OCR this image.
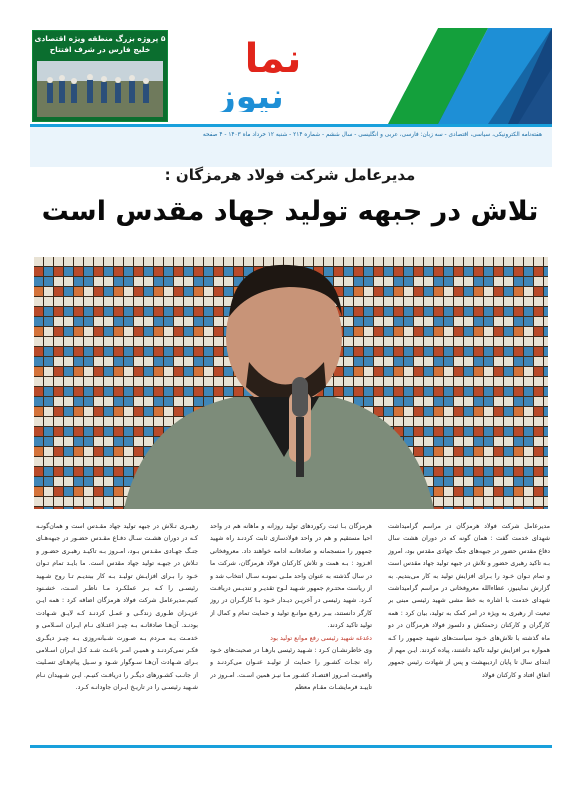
۵ پروژه بزرگ منطقه ویژه اقتصادی خلیج فارس در شرف افتتاح	نما
نیوز
هفته‌نامه الکترونیکی، سیاسی، اقتصادی - سه زبان: فارسی، عربی و انگلیسی - سال ششم - شماره ۲۱۴ - شنبه ۱۲ خرداد ماه ۱۴۰۳ - ۴ صفحه
مدیرعامل شرکت فولاد هرمزگان :
تلاش در جبهه تولید جهاد مقدس است

مدیرعامل شرکت فولاد هرمزگان در مراسم گرامیداشت شهدای خدمت گفت : همان گونه که در دوران هشت سال دفاع مقدس حضور در جبهه‌های جنگ جهادی مقدس بود، امروز بـه تاکید رهبری حضور و تلاش در جبهه تولید جهاد مقدس است و تمام تـوان خـود را بـرای افزایش تولید به کار می‌بندیم. به گزارش نماینیوز، عطاءالله معروفخانی در مراسم گرامیداشت شهدای خدمت با اشاره به خط مشی شهید رئیسی مبنی بر تبعیت از رهبری به ویژه در امر کمک به تولید، بیان کرد : همه کارگران و کارکنان زحمتکش و دلسوز فولاد هرمزگان در دو ماه گذشته با تلاش‌های خـود سیاست‌های شهید جمهور را کـه همواره بـر افزایش تولید تاکید داشتند، پیاده کردند. ایـن مهم از ابتدای سال تا پایان اردیبهشت و پس از شهادت رئیس جمهور اتفاق افتاد و کارکنان فولاد

هرمزگان بـا ثبت رکوردهای تولید روزانه و ماهانه هم در واحد احیا مستقیم و هم در واحد فولادسازی ثابت کردنـد راه شهید جمهور را منسجمانه و صادقانـه ادامه خواهند داد. معروفخانی افـزود : بـه همت و تلاش کارکنان فولاد هرمزگان، شرکت ما در سال گذشته به عنوان واحد ملـی نمونـه سـال انتخاب شد و از ریاست محتـرم جمهور شـهید لـوح تقدیـر و تندیـس دریافـت کـرد. شهید رئیسی در آخریـن دیـدار خـود بـا کارگـران در روز کارگر دانستند، ببـر رفـع موانـع تولید و حمایت تمام و کمال از تولید تاکید کردند.

دغدغه شهید رئیسی رفع موانع تولید بود

وی خاطرنشـان کـرد : شـهید رئیسی بارهـا در صحبت‌های خـود راه نجـات کشـور را حمایت از تولیـد عنـوان می‌کردنـد و واقعیـت امـروز اقتصـاد کشـور مـا نیـز همین اسـت. امـروز در تاییـد فرمایشـات مقـام معظم

رهبـری تـلاش در جبهه تولید جهاد مقـدس است و همان‌گونـه کـه در دوران هشـت سـال دفـاع مقـدس حضـور در جبهه‌هـای جنـگ جهـادی مقـدس بـود، امـروز بـه تاکیـد رهبـری حضـور و تـلاش در جبهـه تولید جهاد مقدس است. ما بایـد تمام تـوان خـود را بـرای افزایـش تولیـد بـه کار ببندیـم تـا روح شـهید رئیسـی را کـه بـر عملکـرد مـا ناظـر اسـت، خشـنود کنیم.مدیرعامل شرکت فولاد هرمزگان اضافه کرد : همه ایـن عزیـزان طـوری زندگـی و عمـل کردنـد کـه لایـق شـهادت بودنـد. آن‌هـا صادقانـه بـه چیـز اعتـلای نـام ایـران اسـلامی و خدمـت بـه مـردم بـه صـورت شـبانه‌روزی بـه چیـز دیگـری فکـر نمی‌کردنـد و همیـن امـر باعـث شـد کـل ایـران اسـلامی بـرای شـهادت آن‌هـا سـوگوار شـود و سـیل پیام‌هـای تسـلیت از جانـب کشـورهای دیگـر را دریافـت کنیـم. ایـن شـهیدان نـام شـهید رئیسـی را در تاریـخ ایـران جاودانـه کـرد.
